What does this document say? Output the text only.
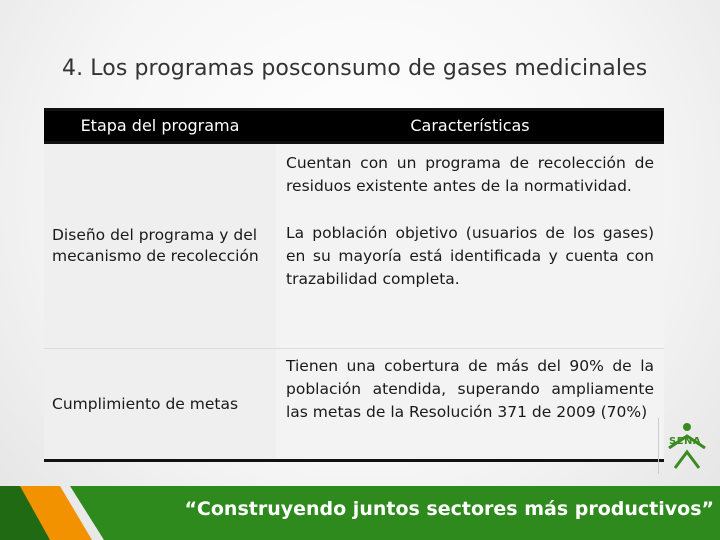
4. Los programas posconsumo de gases medicinales
Etapa del programa	Características
Diseño del programa y del mecanismo de recolección

Cuentan con un programa de recolección de residuos existente antes de la normatividad.

La población objetivo (usuarios de los gases) en su mayoría está identificada y cuenta con trazabilidad completa.

Cumplimiento de metas

Tienen una cobertura de más del 90% de la población atendida, superando ampliamente las metas de la Resolución 371 de 2009 (70%)

SENA
“Construyendo juntos sectores más productivos”
